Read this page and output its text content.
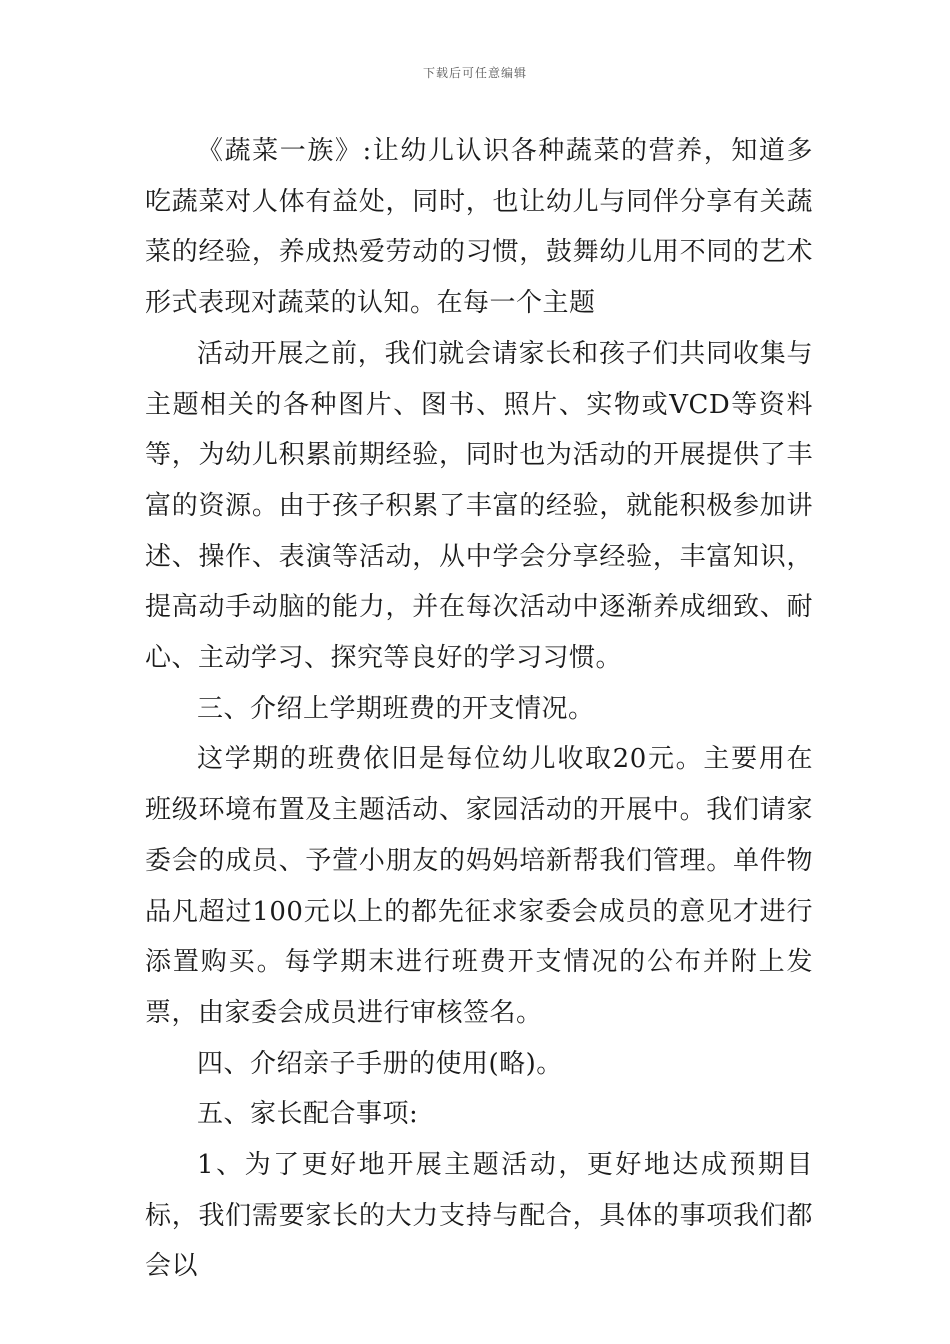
下载后可任意编辑

《蔬菜一族》:让幼儿认识各种蔬菜的营养，知道多吃蔬菜对人体有益处，同时，也让幼儿与同伴分享有关蔬菜的经验，养成热爱劳动的习惯，鼓舞幼儿用不同的艺术形式表现对蔬菜的认知。在每一个主题

活动开展之前，我们就会请家长和孩子们共同收集与主题相关的各种图片、图书、照片、实物或VCD等资料等，为幼儿积累前期经验，同时也为活动的开展提供了丰富的资源。由于孩子积累了丰富的经验，就能积极参加讲述、操作、表演等活动，从中学会分享经验，丰富知识，提高动手动脑的能力，并在每次活动中逐渐养成细致、耐心、主动学习、探究等良好的学习习惯。

三、介绍上学期班费的开支情况。

这学期的班费依旧是每位幼儿收取20元。主要用在班级环境布置及主题活动、家园活动的开展中。我们请家委会的成员、予萱小朋友的妈妈培新帮我们管理。单件物品凡超过100元以上的都先征求家委会成员的意见才进行添置购买。每学期末进行班费开支情况的公布并附上发票，由家委会成员进行审核签名。

四、介绍亲子手册的使用(略)。

五、家长配合事项:

1、为了更好地开展主题活动，更好地达成预期目标，我们需要家长的大力支持与配合，具体的事项我们都会以
